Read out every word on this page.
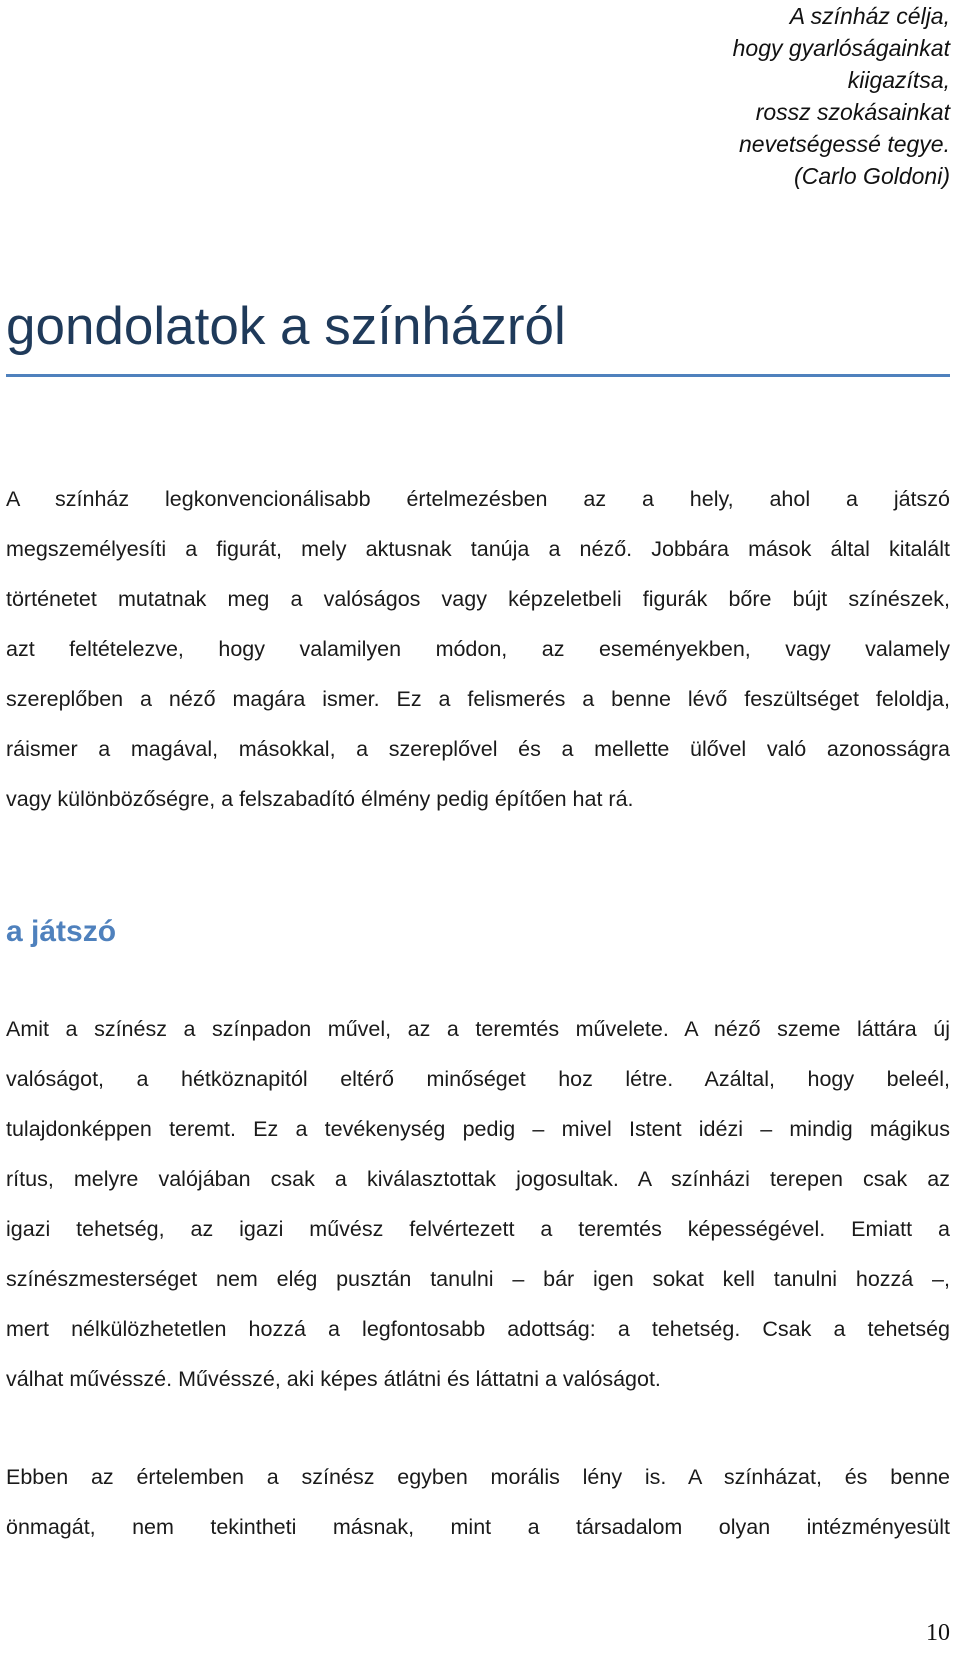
A színház célja,
hogy gyarlóságainkat
kiigazítsa,
rossz szokásainkat
nevetségessé tegye.
(Carlo Goldoni)
gondolatok a színházról
A színház legkonvencionálisabb értelmezésben az a hely, ahol a játszó
megszemélyesíti a figurát, mely aktusnak tanúja a néző. Jobbára mások által kitalált
történetet mutatnak meg a valóságos vagy képzeletbeli figurák bőre bújt színészek,
azt feltételezve, hogy valamilyen módon, az eseményekben, vagy valamely
szereplőben a néző magára ismer. Ez a felismerés a benne lévő feszültséget feloldja,
ráismer a magával, másokkal, a szereplővel és a mellette ülővel való azonosságra
vagy különbözőségre, a felszabadító élmény pedig építően hat rá.
a játszó
Amit a színész a színpadon művel, az a teremtés művelete. A néző szeme láttára új
valóságot, a hétköznapitól eltérő minőséget hoz létre. Azáltal, hogy beleél,
tulajdonképpen teremt. Ez a tevékenység pedig – mivel Istent idézi – mindig mágikus
rítus, melyre valójában csak a kiválasztottak jogosultak. A színházi terepen csak az
igazi tehetség, az igazi művész felvértezett a teremtés képességével. Emiatt a
színészmesterséget nem elég pusztán tanulni – bár igen sokat kell tanulni hozzá –,
mert nélkülözhetetlen hozzá a legfontosabb adottság: a tehetség. Csak a tehetség
válhat művésszé. Művésszé, aki képes átlátni és láttatni a valóságot.
Ebben az értelemben a színész egyben morális lény is. A színházat, és benne
önmagát, nem tekintheti másnak, mint a társadalom olyan intézményesült
10
